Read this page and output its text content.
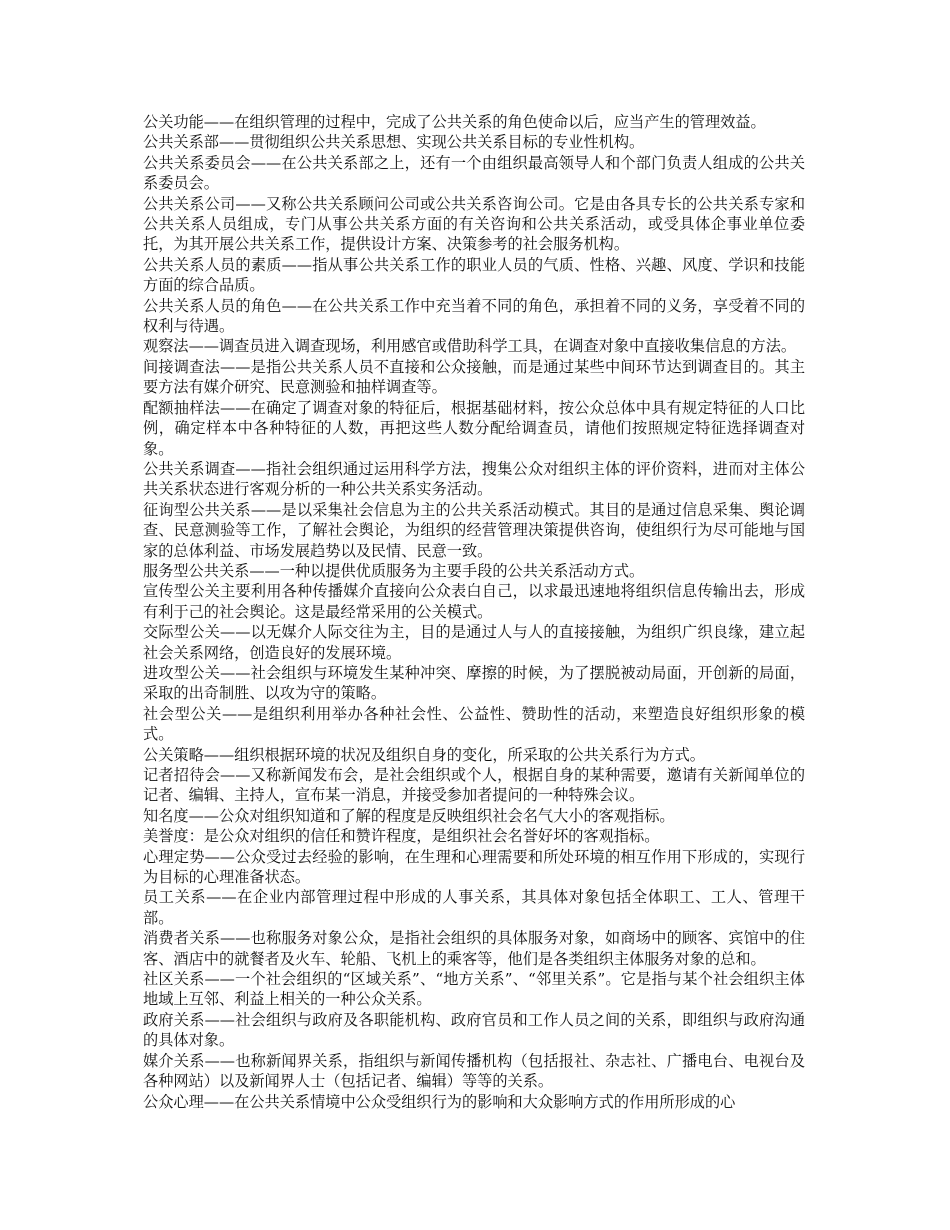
公关功能——在组织管理的过程中，完成了公共关系的角色使命以后，应当产生的管理效益。

公共关系部——贯彻组织公共关系思想、实现公共关系目标的专业性机构。

公共关系委员会——在公共关系部之上，还有一个由组织最高领导人和个部门负责人组成的公共关系委员会。

公共关系公司——又称公共关系顾问公司或公共关系咨询公司。它是由各具专长的公共关系专家和公共关系人员组成，专门从事公共关系方面的有关咨询和公共关系活动，或受具体企事业单位委托，为其开展公共关系工作，提供设计方案、决策参考的社会服务机构。

公共关系人员的素质——指从事公共关系工作的职业人员的气质、性格、兴趣、风度、学识和技能方面的综合品质。

公共关系人员的角色——在公共关系工作中充当着不同的角色，承担着不同的义务，享受着不同的权利与待遇。

观察法——调查员进入调查现场，利用感官或借助科学工具，在调查对象中直接收集信息的方法。

间接调查法——是指公共关系人员不直接和公众接触，而是通过某些中间环节达到调查目的。其主要方法有媒介研究、民意测验和抽样调查等。

配额抽样法——在确定了调查对象的特征后，根据基础材料，按公众总体中具有规定特征的人口比例，确定样本中各种特征的人数，再把这些人数分配给调查员，请他们按照规定特征选择调查对象。

公共关系调查——指社会组织通过运用科学方法，搜集公众对组织主体的评价资料，进而对主体公共关系状态进行客观分析的一种公共关系实务活动。

征询型公共关系——是以采集社会信息为主的公共关系活动模式。其目的是通过信息采集、舆论调查、民意测验等工作，了解社会舆论，为组织的经营管理决策提供咨询，使组织行为尽可能地与国家的总体利益、市场发展趋势以及民情、民意一致。

服务型公共关系——一种以提供优质服务为主要手段的公共关系活动方式。

宣传型公关主要利用各种传播媒介直接向公众表白自己，以求最迅速地将组织信息传输出去，形成有利于己的社会舆论。这是最经常采用的公关模式。

交际型公关——以无媒介人际交往为主，目的是通过人与人的直接接触，为组织广织良缘，建立起社会关系网络，创造良好的发展环境。

进攻型公关——社会组织与环境发生某种冲突、摩擦的时候，为了摆脱被动局面，开创新的局面，采取的出奇制胜、以攻为守的策略。

社会型公关——是组织利用举办各种社会性、公益性、赞助性的活动，来塑造良好组织形象的模式。

公关策略——组织根据环境的状况及组织自身的变化，所采取的公共关系行为方式。

记者招待会——又称新闻发布会，是社会组织或个人，根据自身的某种需要，邀请有关新闻单位的记者、编辑、主持人，宣布某一消息，并接受参加者提问的一种特殊会议。

知名度——公众对组织知道和了解的程度是反映组织社会名气大小的客观指标。

美誉度：是公众对组织的信任和赞许程度，是组织社会名誉好坏的客观指标。

心理定势——公众受过去经验的影响，在生理和心理需要和所处环境的相互作用下形成的，实现行为目标的心理准备状态。

员工关系——在企业内部管理过程中形成的人事关系，其具体对象包括全体职工、工人、管理干部。

消费者关系——也称服务对象公众，是指社会组织的具体服务对象，如商场中的顾客、宾馆中的住客、酒店中的就餐者及火车、轮船、飞机上的乘客等，他们是各类组织主体服务对象的总和。

社区关系——一个社会组织的“区域关系”、“地方关系”、“邻里关系”。它是指与某个社会组织主体地域上互邻、利益上相关的一种公众关系。

政府关系——社会组织与政府及各职能机构、政府官员和工作人员之间的关系，即组织与政府沟通的具体对象。

媒介关系——也称新闻界关系，指组织与新闻传播机构（包括报社、杂志社、广播电台、电视台及各种网站）以及新闻界人士（包括记者、编辑）等等的关系。

公众心理——在公共关系情境中公众受组织行为的影响和大众影响方式的作用所形成的心
